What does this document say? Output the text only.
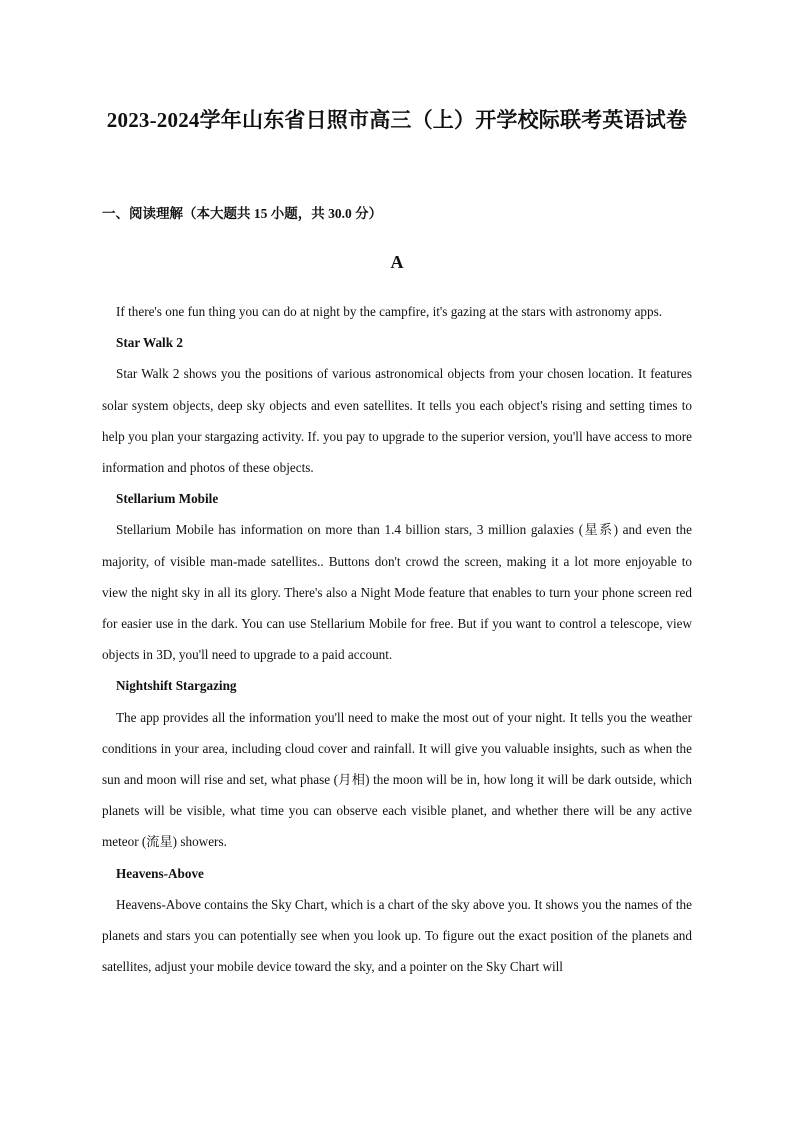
2023-2024学年山东省日照市高三（上）开学校际联考英语试卷
一、阅读理解（本大题共 15 小题，共 30.0 分）
A

If there's one fun thing you can do at night by the campfire, it's gazing at the stars with astronomy apps.

Star Walk 2

Star Walk 2 shows you the positions of various astronomical objects from your chosen location. It features solar system objects, deep sky objects and even satellites. It tells you each object's rising and setting times to help you plan your stargazing activity. If. you pay to upgrade to the superior version, you'll have access to more information and photos of these objects.

Stellarium Mobile

Stellarium Mobile has information on more than 1.4 billion stars, 3 million galaxies (星系) and even the majority, of visible man-made satellites.. Buttons don't crowd the screen, making it a lot more enjoyable to view the night sky in all its glory. There's also a Night Mode feature that enables to turn your phone screen red for easier use in the dark. You can use Stellarium Mobile for free. But if you want to control a telescope, view objects in 3D, you'll need to upgrade to a paid account.

Nightshift Stargazing

The app provides all the information you'll need to make the most out of your night. It tells you the weather conditions in your area, including cloud cover and rainfall. It will give you valuable insights, such as when the sun and moon will rise and set, what phase (月相) the moon will be in, how long it will be dark outside, which planets will be visible, what time you can observe each visible planet, and whether there will be any active meteor (流星) showers.

Heavens-Above

Heavens-Above contains the Sky Chart, which is a chart of the sky above you. It shows you the names of the planets and stars you can potentially see when you look up. To figure out the exact position of the planets and satellites, adjust your mobile device toward the sky, and a pointer on the Sky Chart will
